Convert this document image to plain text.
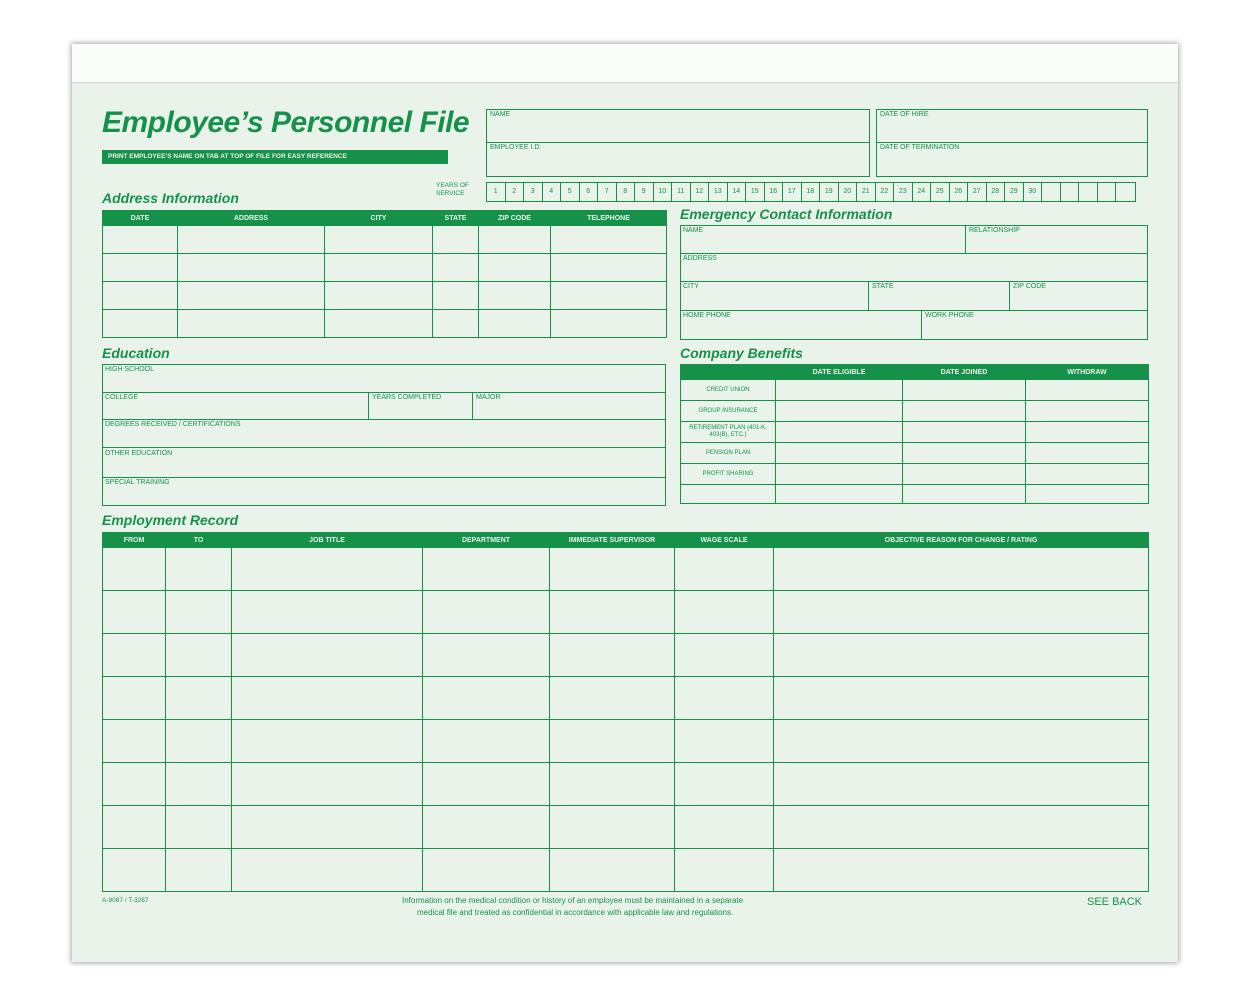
Employee’s Personnel File
PRINT EMPLOYEE’S NAME ON TAB AT TOP OF FILE FOR EASY REFERENCE
NAME
EMPLOYEE I.D.
DATE OF HIRE
DATE OF TERMINATION
YEARS OF SERVICE	1	2	3	4	5	6	7	8	9	10	11	12	13	14	15	16	17	18	19	20	21	22	23	24	25	26	27	28	29	30
Address Information
DATE	ADDRESS	CITY	STATE	ZIP CODE	TELEPHONE

						Emergency Contact Information
NAME	RELATIONSHIP
ADDRESS
CITY	STATE	ZIP CODE
HOME PHONE	WORK PHONE
Education
HIGH SCHOOL
COLLEGE	YEARS COMPLETED	MAJOR
DEGREES RECEIVED / CERTIFICATIONS
OTHER EDUCATION
SPECIAL TRAINING
Company Benefits
	DATE ELIGIBLE	DATE JOINED	WITHDRAW
CREDIT UNION			
GROUP INSURANCE			
RETIREMENT PLAN (401-K, 403(B), ETC.)			
PENSION PLAN			
PROFIT SHARING			

Employment Record
FROM	TO	JOB TITLE	DEPARTMENT	IMMEDIATE SUPERVISOR	WAGE SCALE	OBJECTIVE REASON FOR CHANGE / RATING

A-9087 / T-3287	Information on the medical condition or history of an employee must be maintained in a separate
medical file and treated as confidential in accordance with applicable law and regulations.
SEE BACK
